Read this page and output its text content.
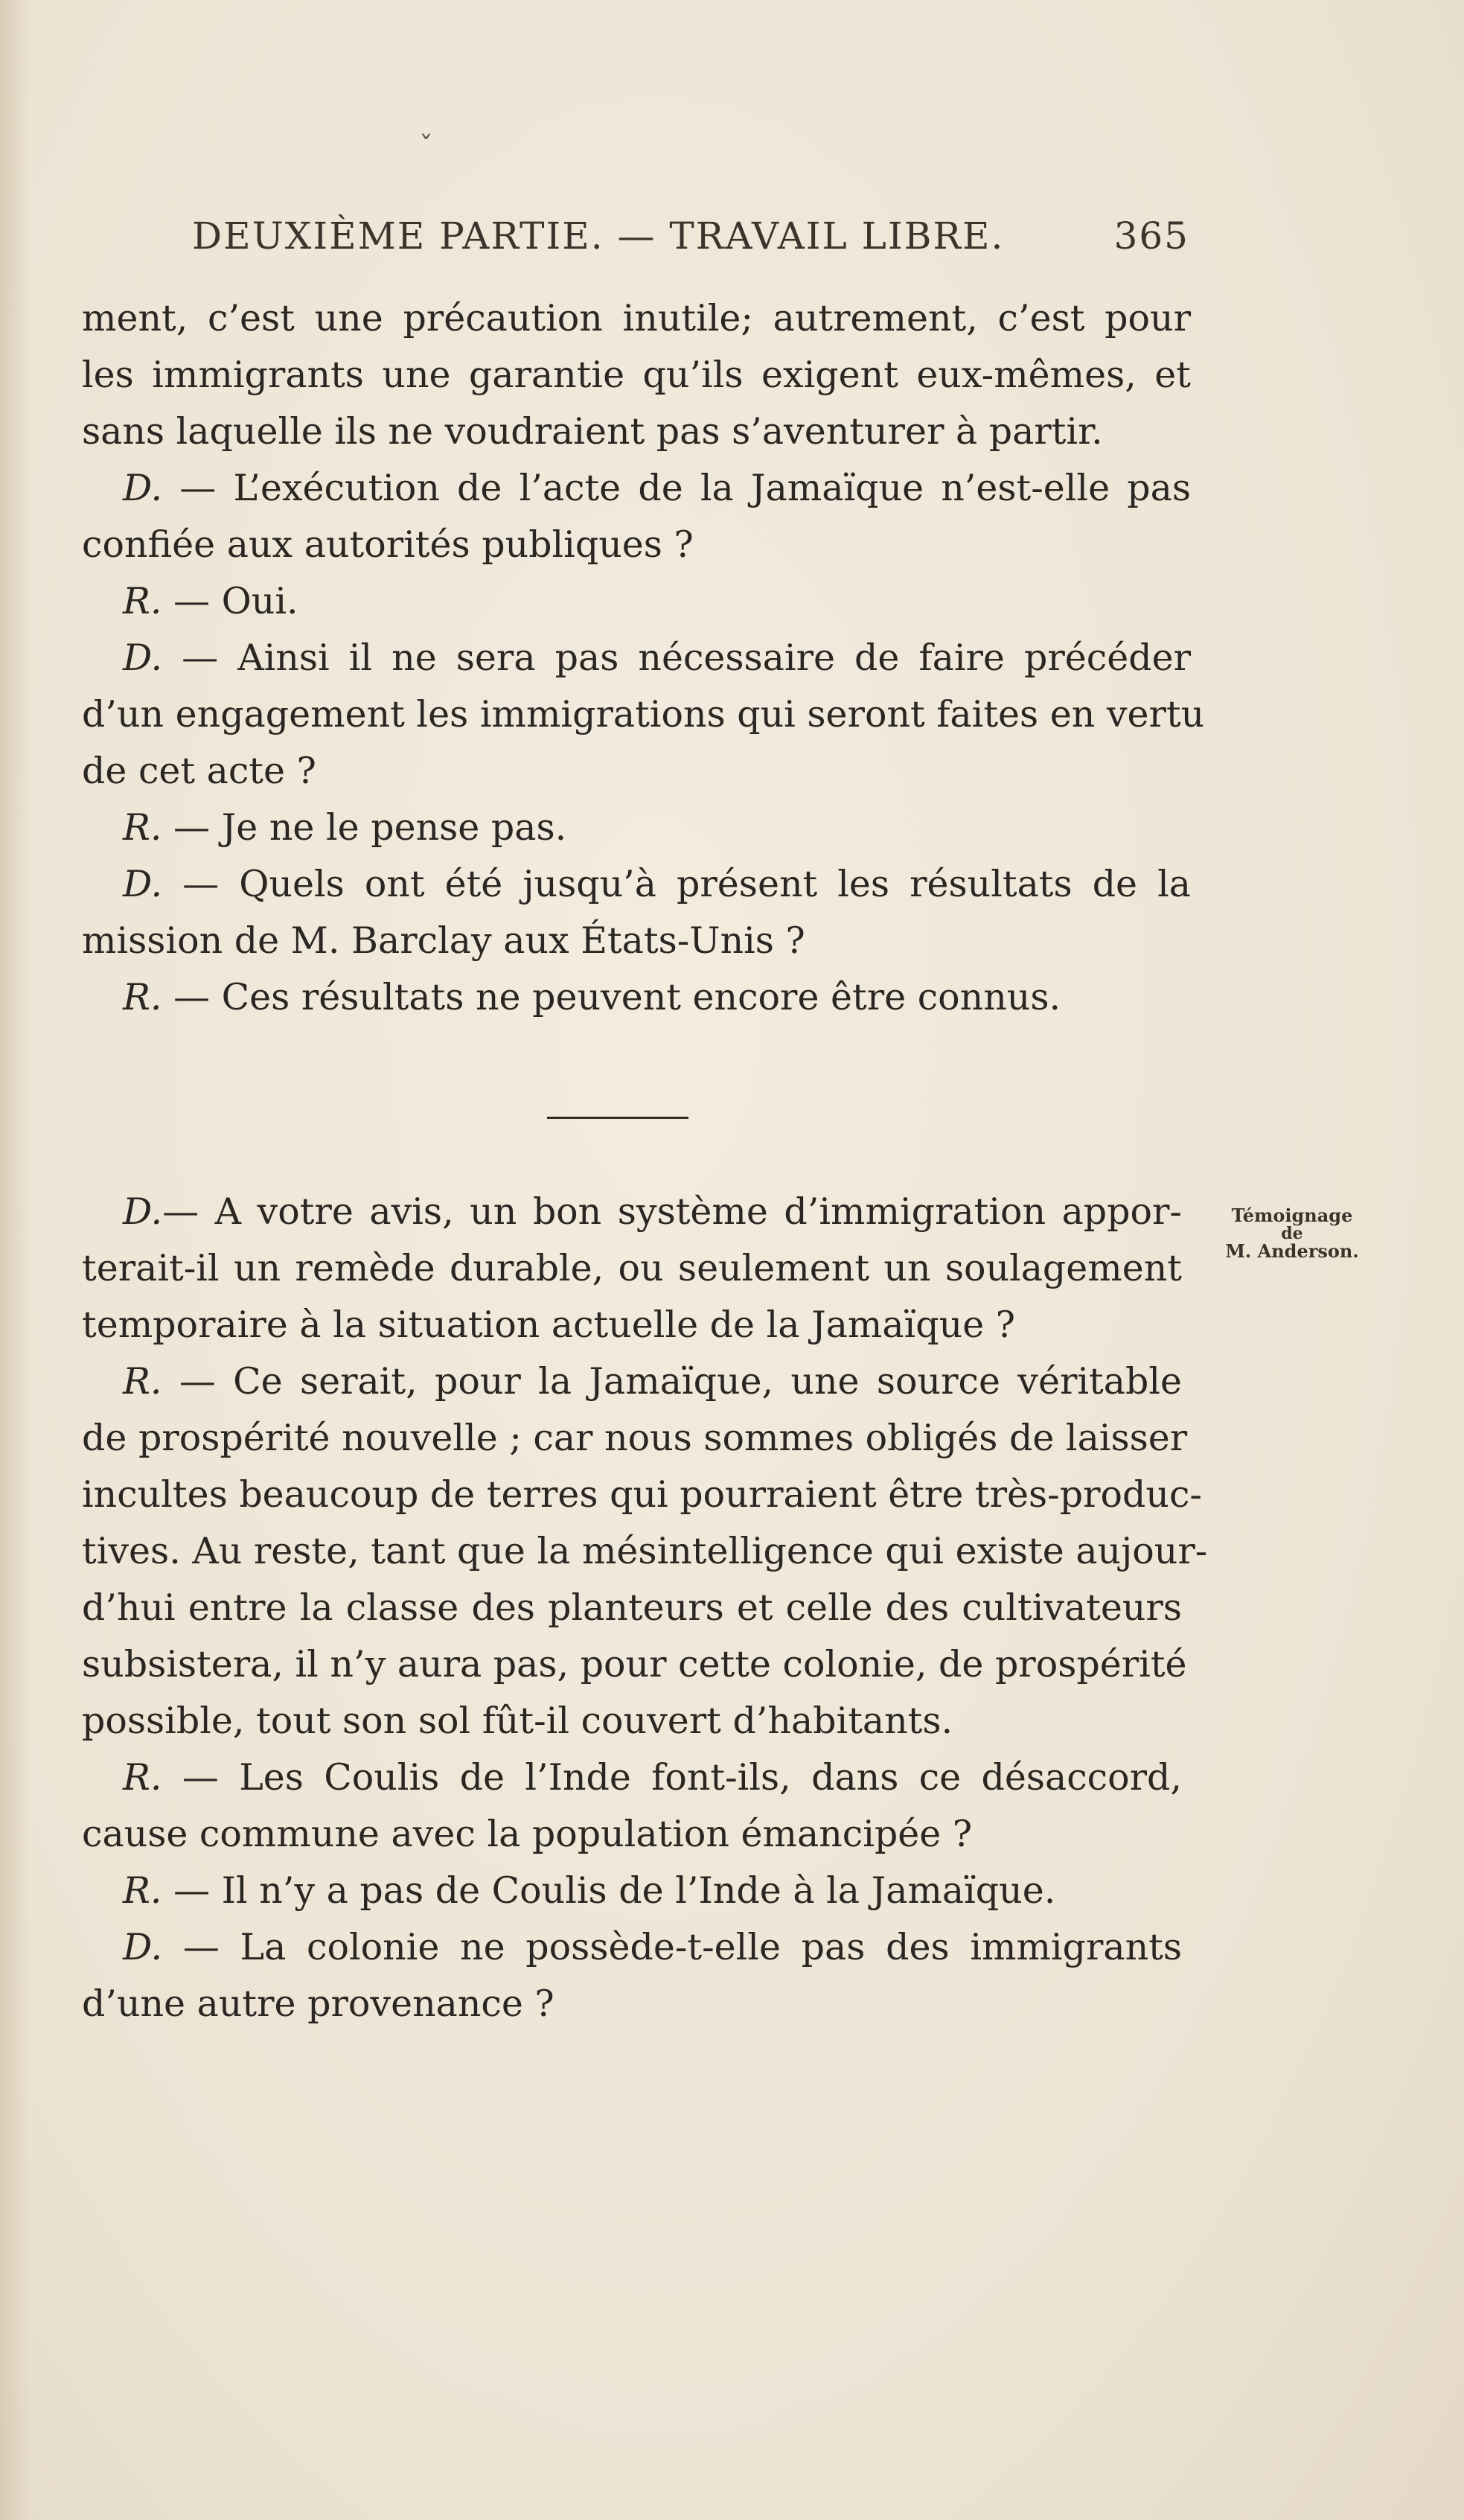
ˇ
DEUXIÈME PARTIE. — TRAVAIL LIBRE.	365
ment, c’est une précaution inutile; autrement, c’est pour
les immigrants une garantie qu’ils exigent eux-mêmes, et
sans laquelle ils ne voudraient pas s’aventurer à partir.
D. — L’exécution de l’acte de la Jamaïque n’est-elle pas
confiée aux autorités publiques ?
R. — Oui.
D. — Ainsi il ne sera pas nécessaire de faire précéder
d’un engagement les immigrations qui seront faites en vertu
de cet acte ?
R. — Je ne le pense pas.
D. — Quels ont été jusqu’à présent les résultats de la
mission de M. Barclay aux États-Unis ?
R. — Ces résultats ne peuvent encore être connus.
Témoignage
de
M. Anderson.
D.— A votre avis, un bon système d’immigration appor-
terait-il un remède durable, ou seulement un soulagement
temporaire à la situation actuelle de la Jamaïque ?
R. — Ce serait, pour la Jamaïque, une source véritable
de prospérité nouvelle ; car nous sommes obligés de laisser
incultes beaucoup de terres qui pourraient être très-produc-
tives. Au reste, tant que la mésintelligence qui existe aujour-
d’hui entre la classe des planteurs et celle des cultivateurs
subsistera, il n’y aura pas, pour cette colonie, de prospérité
possible, tout son sol fût-il couvert d’habitants.
R. — Les Coulis de l’Inde font-ils, dans ce désaccord,
cause commune avec la population émancipée ?
R. — Il n’y a pas de Coulis de l’Inde à la Jamaïque.
D. — La colonie ne possède-t-elle pas des immigrants
d’une autre provenance ?
